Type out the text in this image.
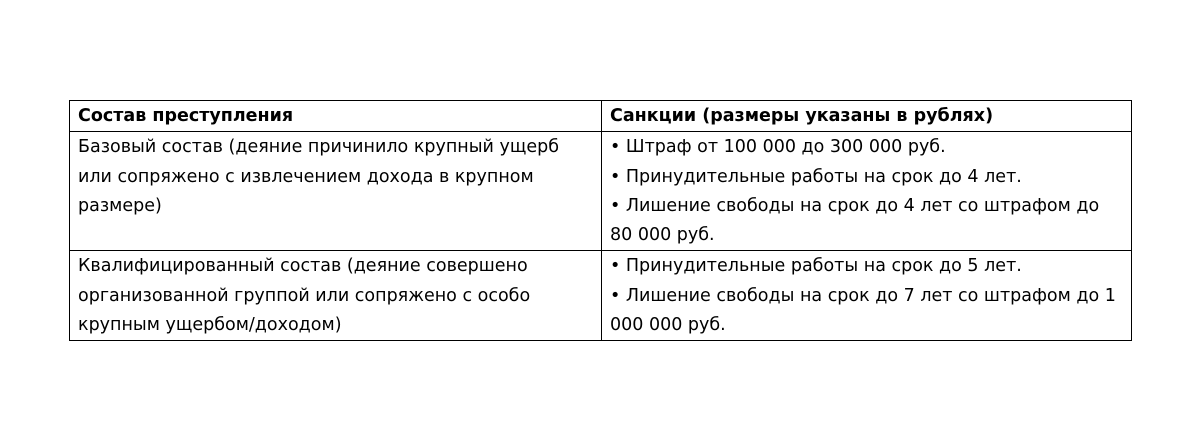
Состав преступления	Санкции (размеры указаны в рублях)

Базовый состав (деяние причинило крупный ущерб или сопряжено с извлечением дохода в крупном размере)	• Штраф от 100 000 до 300 000 руб.
• Принудительные работы на срок до 4 лет.
• Лишение свободы на срок до 4 лет со штрафом до 80 000 руб.

Квалифицированный состав (деяние совершено организованной группой или сопряжено с особо крупным ущербом/доходом)	• Принудительные работы на срок до 5 лет.
• Лишение свободы на срок до 7 лет со штрафом до 1 000 000 руб.
